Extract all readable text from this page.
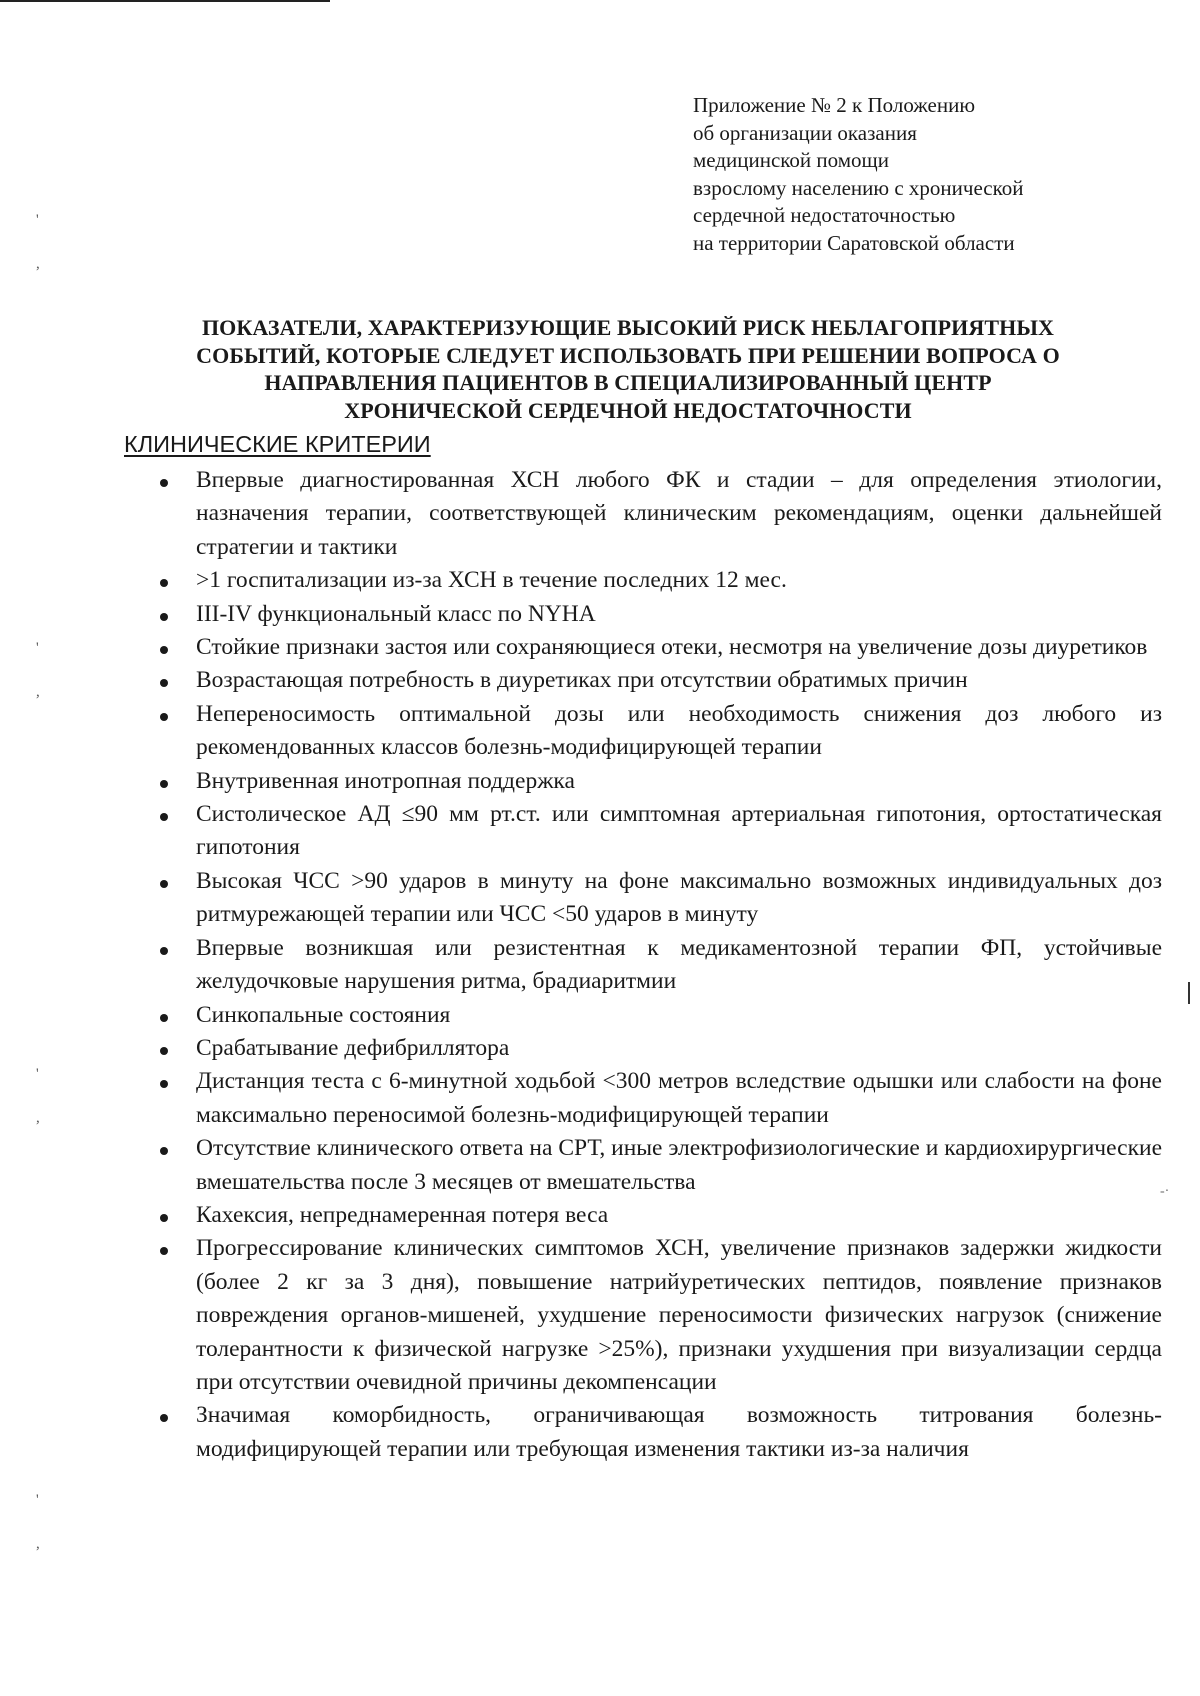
Приложение № 2 к Положению
об организации оказания
медицинской помощи
взрослому населению с хронической
сердечной недостаточностью
на территории Саратовской области
ПОКАЗАТЕЛИ, ХАРАКТЕРИЗУЮЩИЕ ВЫСОКИЙ РИСК НЕБЛАГОПРИЯТНЫХ
СОБЫТИЙ, КОТОРЫЕ СЛЕДУЕТ ИСПОЛЬЗОВАТЬ ПРИ РЕШЕНИИ ВОПРОСА О
НАПРАВЛЕНИЯ ПАЦИЕНТОВ В СПЕЦИАЛИЗИРОВАННЫЙ ЦЕНТР
ХРОНИЧЕСКОЙ СЕРДЕЧНОЙ НЕДОСТАТОЧНОСТИ
КЛИНИЧЕСКИЕ КРИТЕРИИ
Впервые диагностированная ХСН любого ФК и стадии – для определения этиологии, назначения терапии, соответствующей клиническим рекомендациям, оценки дальнейшей стратегии и тактики
>1 госпитализации из-за ХСН в течение последних 12 мес.
III-IV функциональный класс по NYHA
Стойкие признаки застоя или сохраняющиеся отеки, несмотря на увеличение дозы диуретиков
Возрастающая потребность в диуретиках при отсутствии обратимых причин
Непереносимость оптимальной дозы или необходимость снижения доз любого из рекомендованных классов болезнь-модифицирующей терапии
Внутривенная инотропная поддержка
Систолическое АД ≤90 мм рт.ст. или симптомная артериальная гипотония, ортостатическая гипотония
Высокая ЧСС >90 ударов в минуту на фоне максимально возможных индивидуальных доз ритмурежающей терапии или ЧСС <50 ударов в минуту
Впервые возникшая или резистентная к медикаментозной терапии ФП, устойчивые желудочковые нарушения ритма, брадиаритмии
Синкопальные состояния
Срабатывание дефибриллятора
Дистанция теста с 6-минутной ходьбой <300 метров вследствие одышки или слабости на фоне максимально переносимой болезнь-модифицирующей терапии
Отсутствие клинического ответа на СРТ, иные электрофизиологические и кардиохирургические вмешательства после 3 месяцев от вмешательства
Кахексия, непреднамеренная потеря веса
Прогрессирование клинических симптомов ХСН, увеличение признаков задержки жидкости (более 2 кг за 3 дня), повышение натрийуретических пептидов, появление признаков повреждения органов-мишеней, ухудшение переносимости физических нагрузок (снижение толерантности к физической нагрузке >25%), признаки ухудшения при визуализации сердца при отсутствии очевидной причины декомпенсации
Значимая коморбидность, ограничивающая возможность титрования болезнь-модифицирующей терапии или требующая изменения тактики из-за наличия
'
,
'
,
'
,
'
,
-·
